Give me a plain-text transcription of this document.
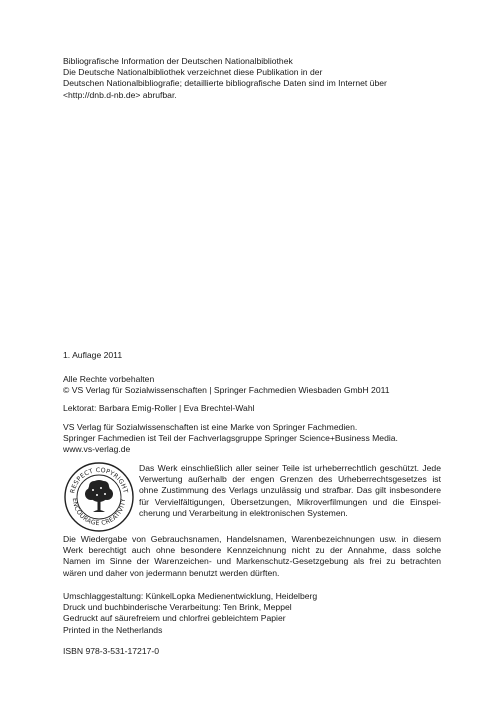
Bibliografische Information der Deutschen Nationalbibliothek
Die Deutsche Nationalbibliothek verzeichnet diese Publikation in der
Deutschen Nationalbibliografie; detaillierte bibliografische Daten sind im Internet über
<http://dnb.d-nb.de> abrufbar.
1. Auflage 2011
Alle Rechte vorbehalten
© VS Verlag für Sozialwissenschaften | Springer Fachmedien Wiesbaden GmbH 2011
Lektorat: Barbara Emig-Roller | Eva Brechtel-Wahl
VS Verlag für Sozialwissenschaften ist eine Marke von Springer Fachmedien.
Springer Fachmedien ist Teil der Fachverlagsgruppe Springer Science+Business Media.
www.vs-verlag.de
RESPECT COPYRIGHT
ENCOURAGE CREATIVITY
Das Werk einschließlich aller seiner Teile ist urheberrechtlich geschützt. Jede
Verwertung außerhalb der engen Grenzen des Urheberrechtsgesetzes ist
ohne Zustimmung des Verlags unzulässig und strafbar. Das gilt insbesondere
für Vervielfältigungen, Übersetzungen, Mikroverfilmungen und die Einspei-
cherung und Verarbeitung in elektronischen Systemen.
Die Wiedergabe von Gebrauchsnamen, Handelsnamen, Warenbezeichnungen usw. in diesem
Werk berechtigt auch ohne besondere Kennzeichnung nicht zu der Annahme, dass solche
Namen im Sinne der Warenzeichen- und Markenschutz-Gesetzgebung als frei zu betrachten
wären und daher von jedermann benutzt werden dürften.
Umschlaggestaltung: KünkelLopka Medienentwicklung, Heidelberg
Druck und buchbinderische Verarbeitung: Ten Brink, Meppel
Gedruckt auf säurefreiem und chlorfrei gebleichtem Papier
Printed in the Netherlands
ISBN 978-3-531-17217-0
